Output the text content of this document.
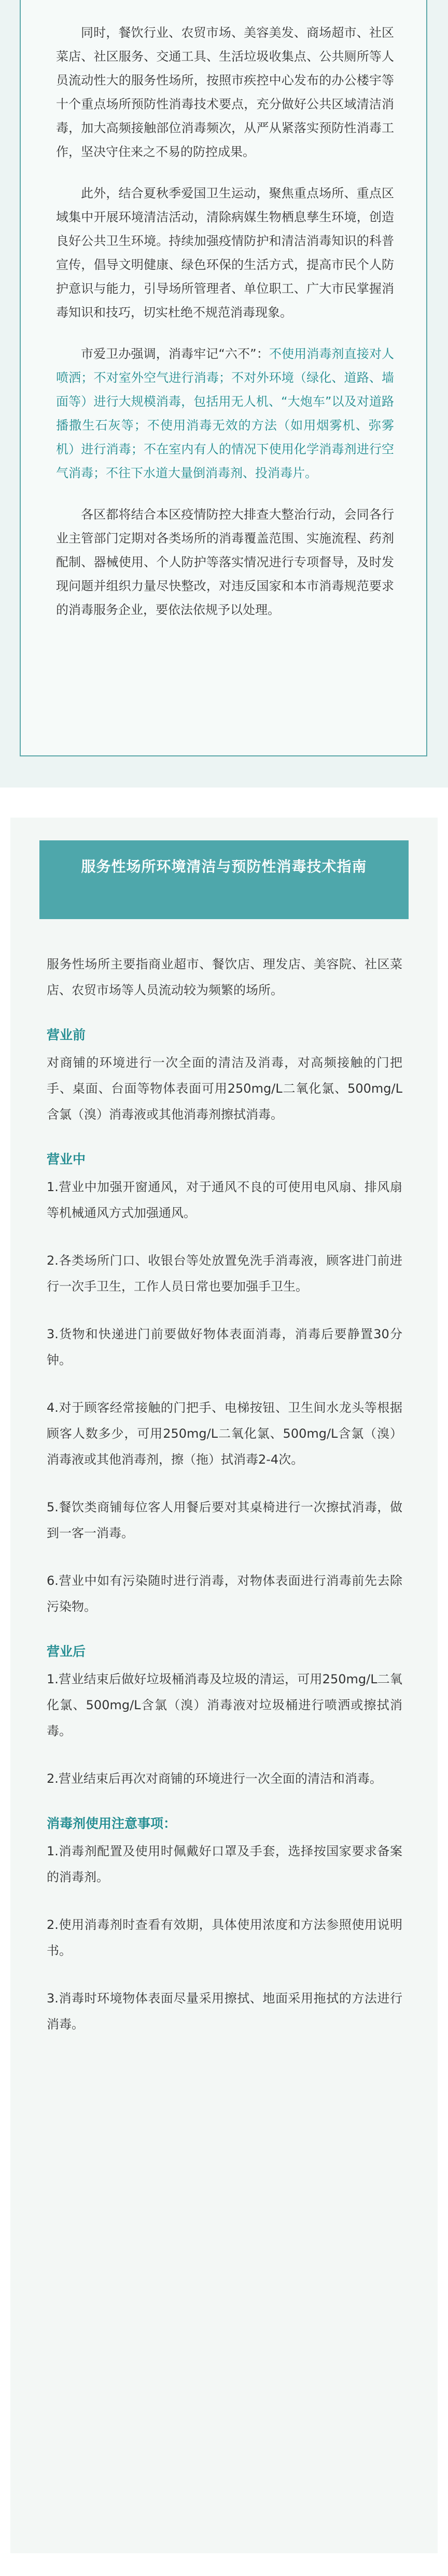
同时，餐饮行业、农贸市场、美容美发、商场超市、社区菜店、社区服务、交通工具、生活垃圾收集点、公共厕所等人员流动性大的服务性场所，按照市疾控中心发布的办公楼宇等十个重点场所预防性消毒技术要点，充分做好公共区域清洁消毒，加大高频接触部位消毒频次，从严从紧落实预防性消毒工作，坚决守住来之不易的防控成果。

此外，结合夏秋季爱国卫生运动，聚焦重点场所、重点区域集中开展环境清洁活动，清除病媒生物栖息孳生环境，创造良好公共卫生环境。持续加强疫情防护和清洁消毒知识的科普宣传，倡导文明健康、绿色环保的生活方式，提高市民个人防护意识与能力，引导场所管理者、单位职工、广大市民掌握消毒知识和技巧，切实杜绝不规范消毒现象。

市爱卫办强调，消毒牢记“六不”：不使用消毒剂直接对人喷洒；不对室外空气进行消毒；不对外环境（绿化、道路、墙面等）进行大规模消毒，包括用无人机、“大炮车”以及对道路播撒生石灰等；不使用消毒无效的方法（如用烟雾机、弥雾机）进行消毒；不在室内有人的情况下使用化学消毒剂进行空气消毒；不往下水道大量倒消毒剂、投消毒片。

各区都将结合本区疫情防控大排查大整治行动，会同各行业主管部门定期对各类场所的消毒覆盖范围、实施流程、药剂配制、器械使用、个人防护等落实情况进行专项督导，及时发现问题并组织力量尽快整改，对违反国家和本市消毒规范要求的消毒服务企业，要依法依规予以处理。

服务性场所环境清洁与预防性消毒技术指南

服务性场所主要指商业超市、餐饮店、理发店、美容院、社区菜店、农贸市场等人员流动较为频繁的场所。

营业前

对商铺的环境进行一次全面的清洁及消毒，对高频接触的门把手、桌面、台面等物体表面可用250mg/L二氧化氯、500mg/L含氯（溴）消毒液或其他消毒剂擦拭消毒。

营业中

1.营业中加强开窗通风，对于通风不良的可使用电风扇、排风扇等机械通风方式加强通风。

2.各类场所门口、收银台等处放置免洗手消毒液，顾客进门前进行一次手卫生，工作人员日常也要加强手卫生。

3.货物和快递进门前要做好物体表面消毒，消毒后要静置30分钟。

4.对于顾客经常接触的门把手、电梯按钮、卫生间水龙头等根据顾客人数多少，可用250mg/L二氧化氯、500mg/L含氯（溴）消毒液或其他消毒剂，擦（拖）拭消毒2-4次。

5.餐饮类商铺每位客人用餐后要对其桌椅进行一次擦拭消毒，做到一客一消毒。

6.营业中如有污染随时进行消毒，对物体表面进行消毒前先去除污染物。

营业后

1.营业结束后做好垃圾桶消毒及垃圾的清运，可用250mg/L二氧化氯、500mg/L含氯（溴）消毒液对垃圾桶进行喷洒或擦拭消毒。

2.营业结束后再次对商铺的环境进行一次全面的清洁和消毒。

消毒剂使用注意事项：

1.消毒剂配置及使用时佩戴好口罩及手套，选择按国家要求备案的消毒剂。

2.使用消毒剂时查看有效期，具体使用浓度和方法参照使用说明书。

3.消毒时环境物体表面尽量采用擦拭、地面采用拖拭的方法进行消毒。
